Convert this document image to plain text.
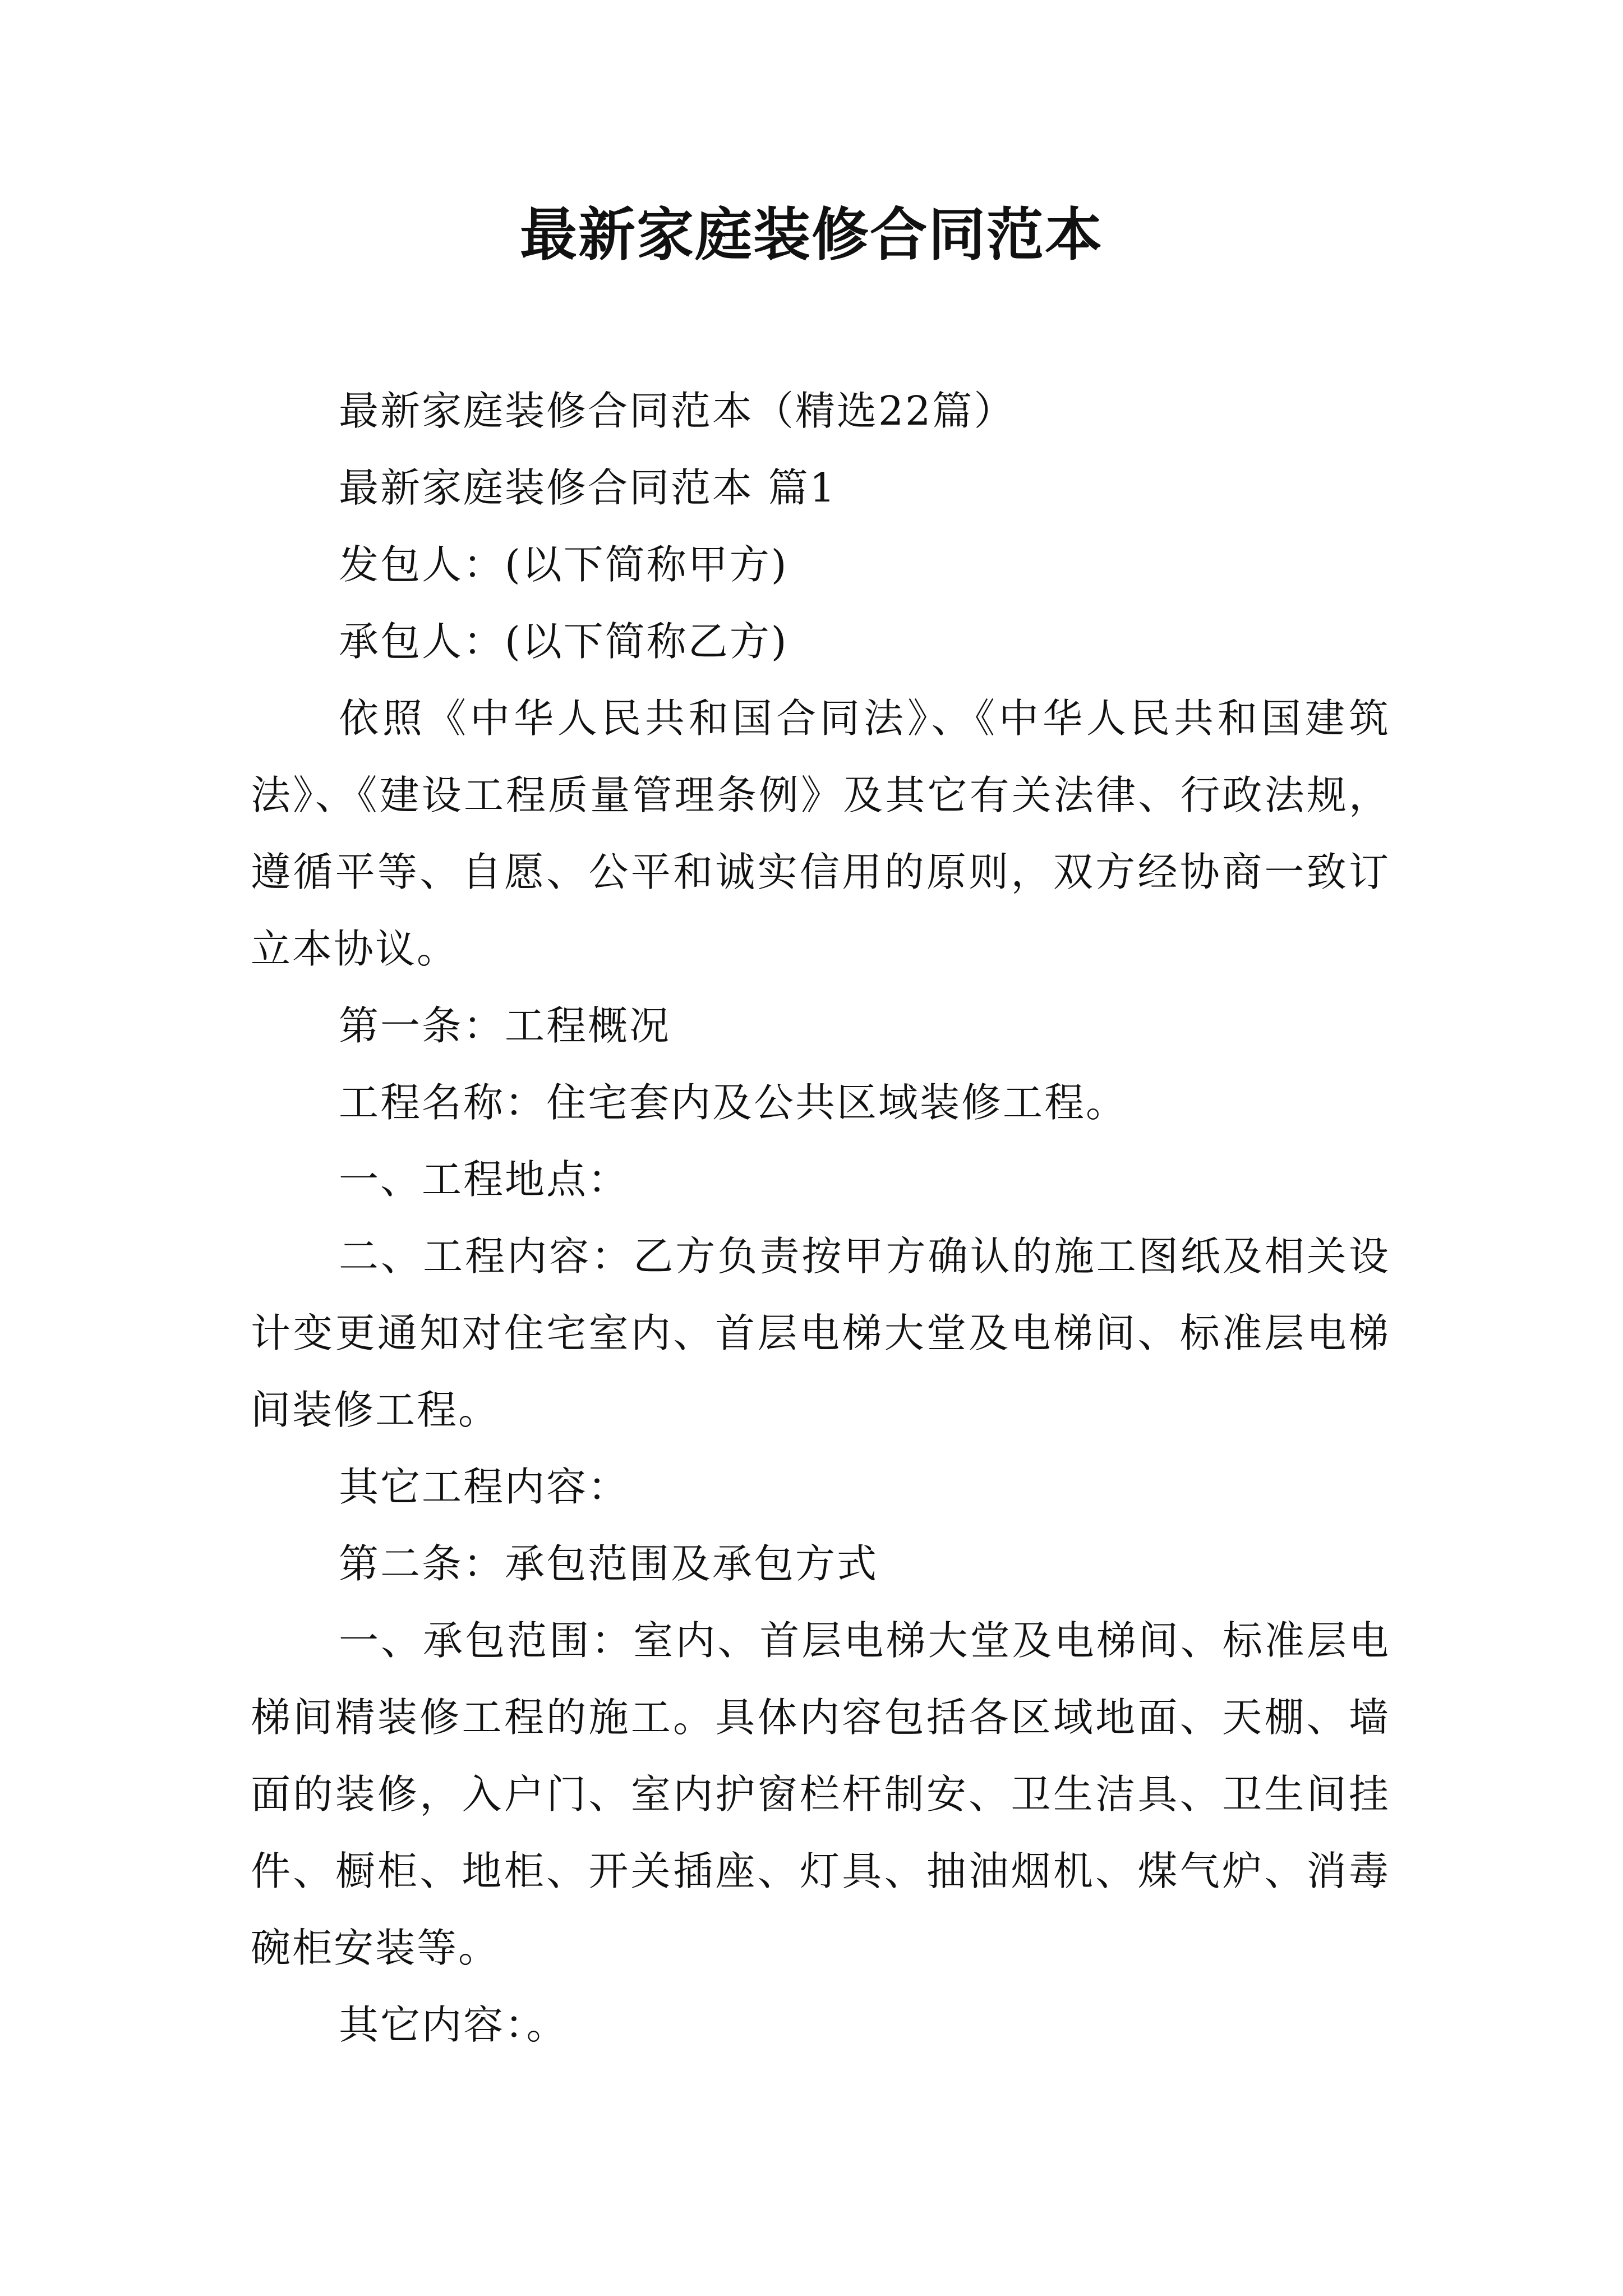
最新家庭装修合同范本

最新家庭装修合同范本（精选22篇）

最新家庭装修合同范本 篇1

发包人：(以下简称甲方)

承包人：(以下简称乙方)

依照《中华人民共和国合同法》、《中华人民共和国建筑法》、《建设工程质量管理条例》及其它有关法律、行政法规，遵循平等、自愿、公平和诚实信用的原则，双方经协商一致订立本协议。

第一条：工程概况

工程名称：住宅套内及公共区域装修工程。

一、工程地点：

二、工程内容：乙方负责按甲方确认的施工图纸及相关设计变更通知对住宅室内、首层电梯大堂及电梯间、标准层电梯间装修工程。

其它工程内容：

第二条：承包范围及承包方式

一、承包范围：室内、首层电梯大堂及电梯间、标准层电梯间精装修工程的施工。具体内容包括各区域地面、天棚、墙面的装修，入户门、室内护窗栏杆制安、卫生洁具、卫生间挂件、橱柜、地柜、开关插座、灯具、抽油烟机、煤气炉、消毒碗柜安装等。

其它内容：。
